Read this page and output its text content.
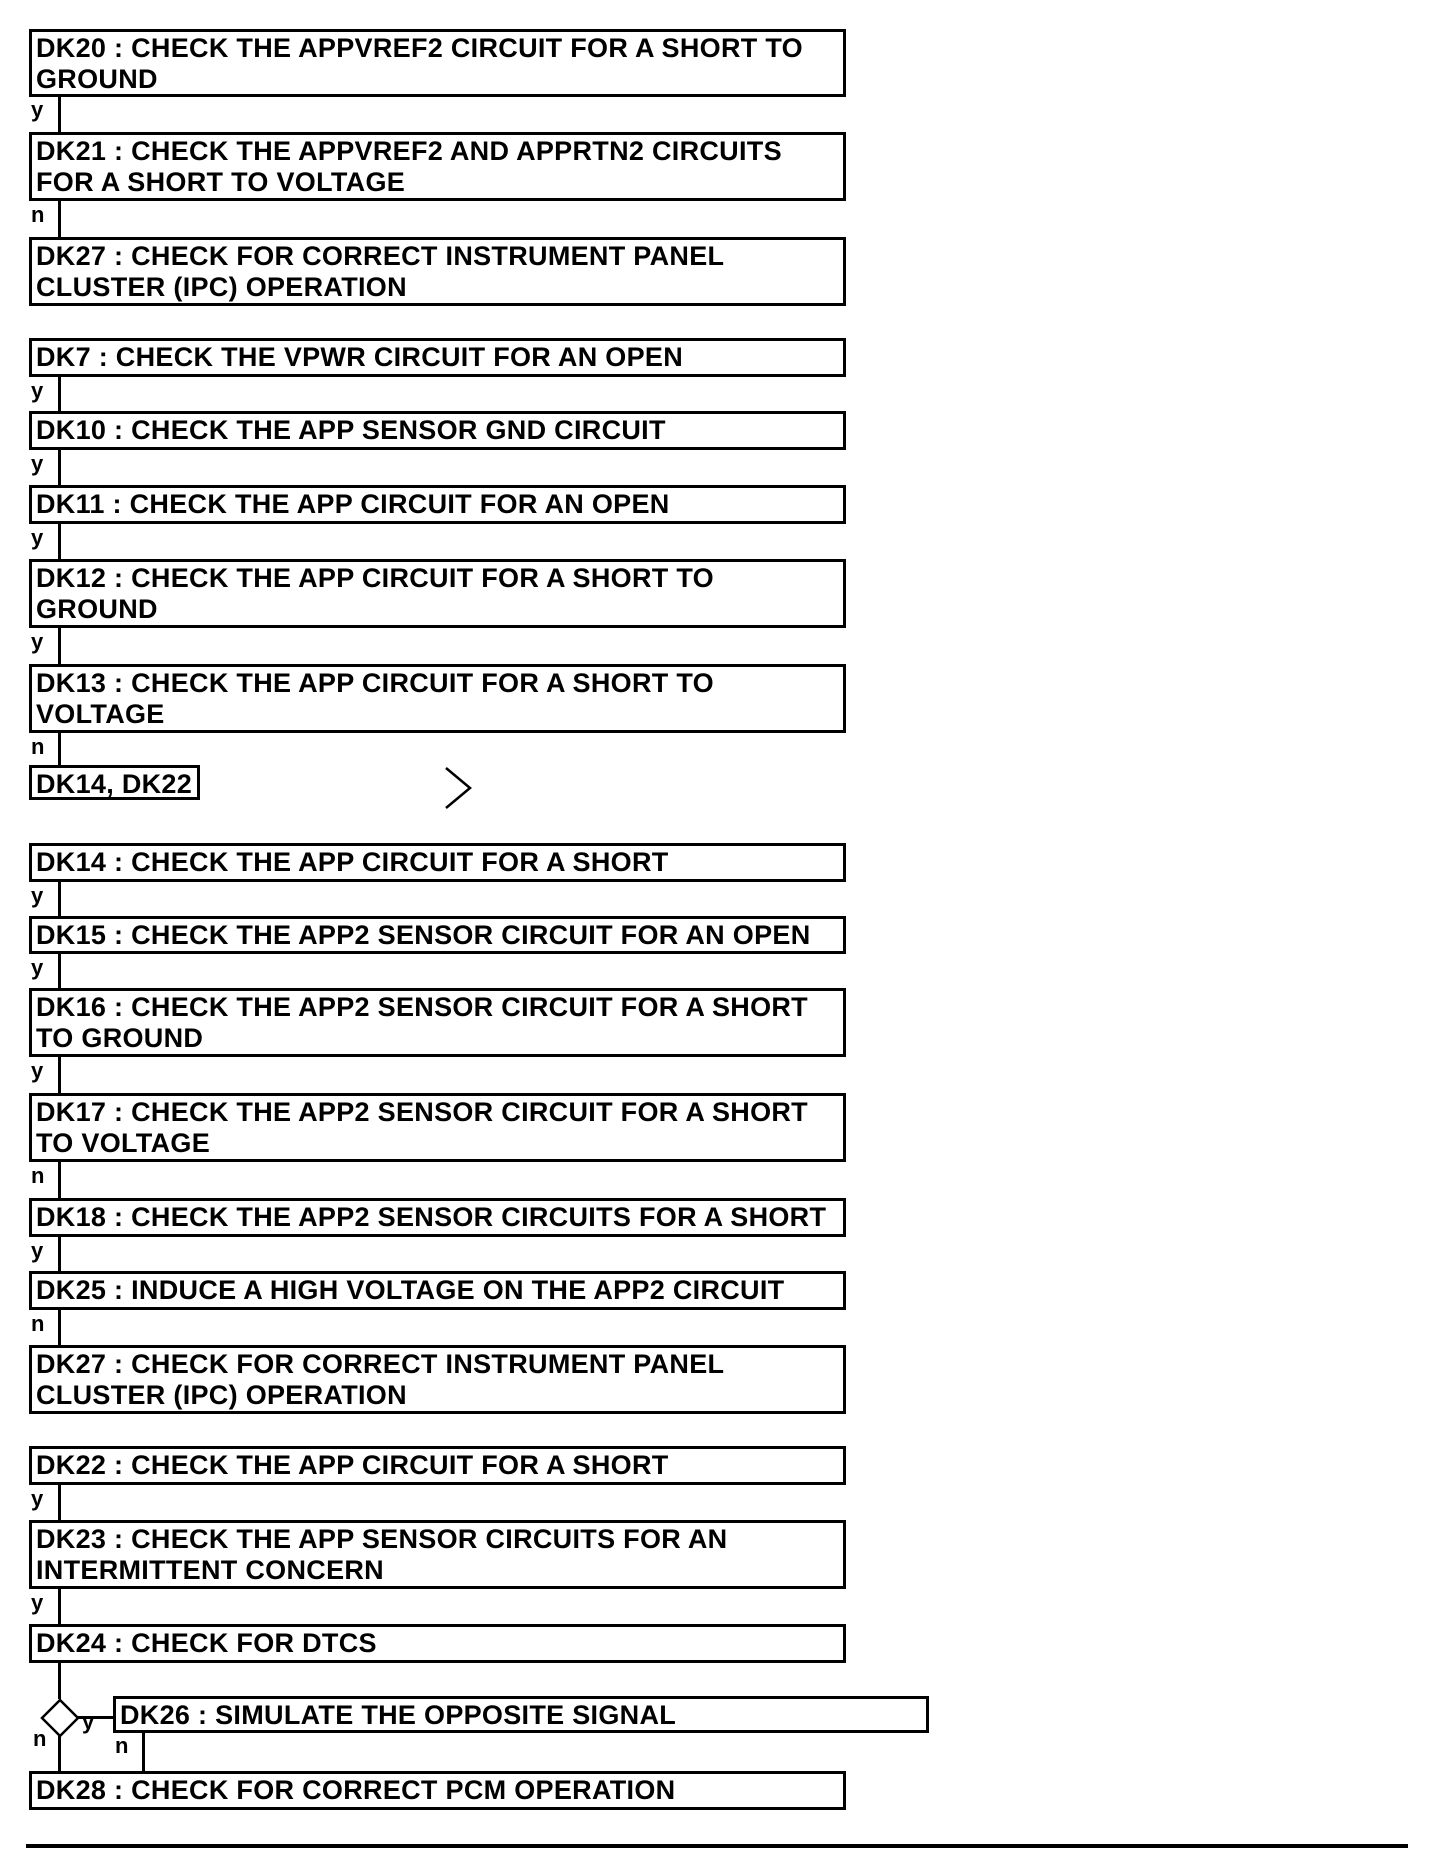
DK20 : CHECK THE APPVREF2 CIRCUIT FOR A SHORT TO GROUND
y
DK21 : CHECK THE APPVREF2 AND APPRTN2 CIRCUITS FOR A SHORT TO VOLTAGE
n
DK27 : CHECK FOR CORRECT INSTRUMENT PANEL CLUSTER (IPC) OPERATION
DK7 : CHECK THE VPWR CIRCUIT FOR AN OPEN
y
DK10 : CHECK THE APP SENSOR GND CIRCUIT
y
DK11 : CHECK THE APP CIRCUIT FOR AN OPEN
y
DK12 : CHECK THE APP CIRCUIT FOR A SHORT TO GROUND
y
DK13 : CHECK THE APP CIRCUIT FOR A SHORT TO VOLTAGE
n
DK14, DK22
DK14 : CHECK THE APP CIRCUIT FOR A SHORT
y
DK15 : CHECK THE APP2 SENSOR CIRCUIT FOR AN OPEN
y
DK16 : CHECK THE APP2 SENSOR CIRCUIT FOR A SHORT TO GROUND
y
DK17 : CHECK THE APP2 SENSOR CIRCUIT FOR A SHORT TO VOLTAGE
n
DK18 : CHECK THE APP2 SENSOR CIRCUITS FOR A SHORT
y
DK25 : INDUCE A HIGH VOLTAGE ON THE APP2 CIRCUIT
n
DK27 : CHECK FOR CORRECT INSTRUMENT PANEL CLUSTER (IPC) OPERATION
DK22 : CHECK THE APP CIRCUIT FOR A SHORT
y
DK23 : CHECK THE APP SENSOR CIRCUITS FOR AN INTERMITTENT CONCERN
y
DK24 : CHECK FOR DTCS
n
y DK26 : SIMULATE THE OPPOSITE SIGNAL
n
DK28 : CHECK FOR CORRECT PCM OPERATION
